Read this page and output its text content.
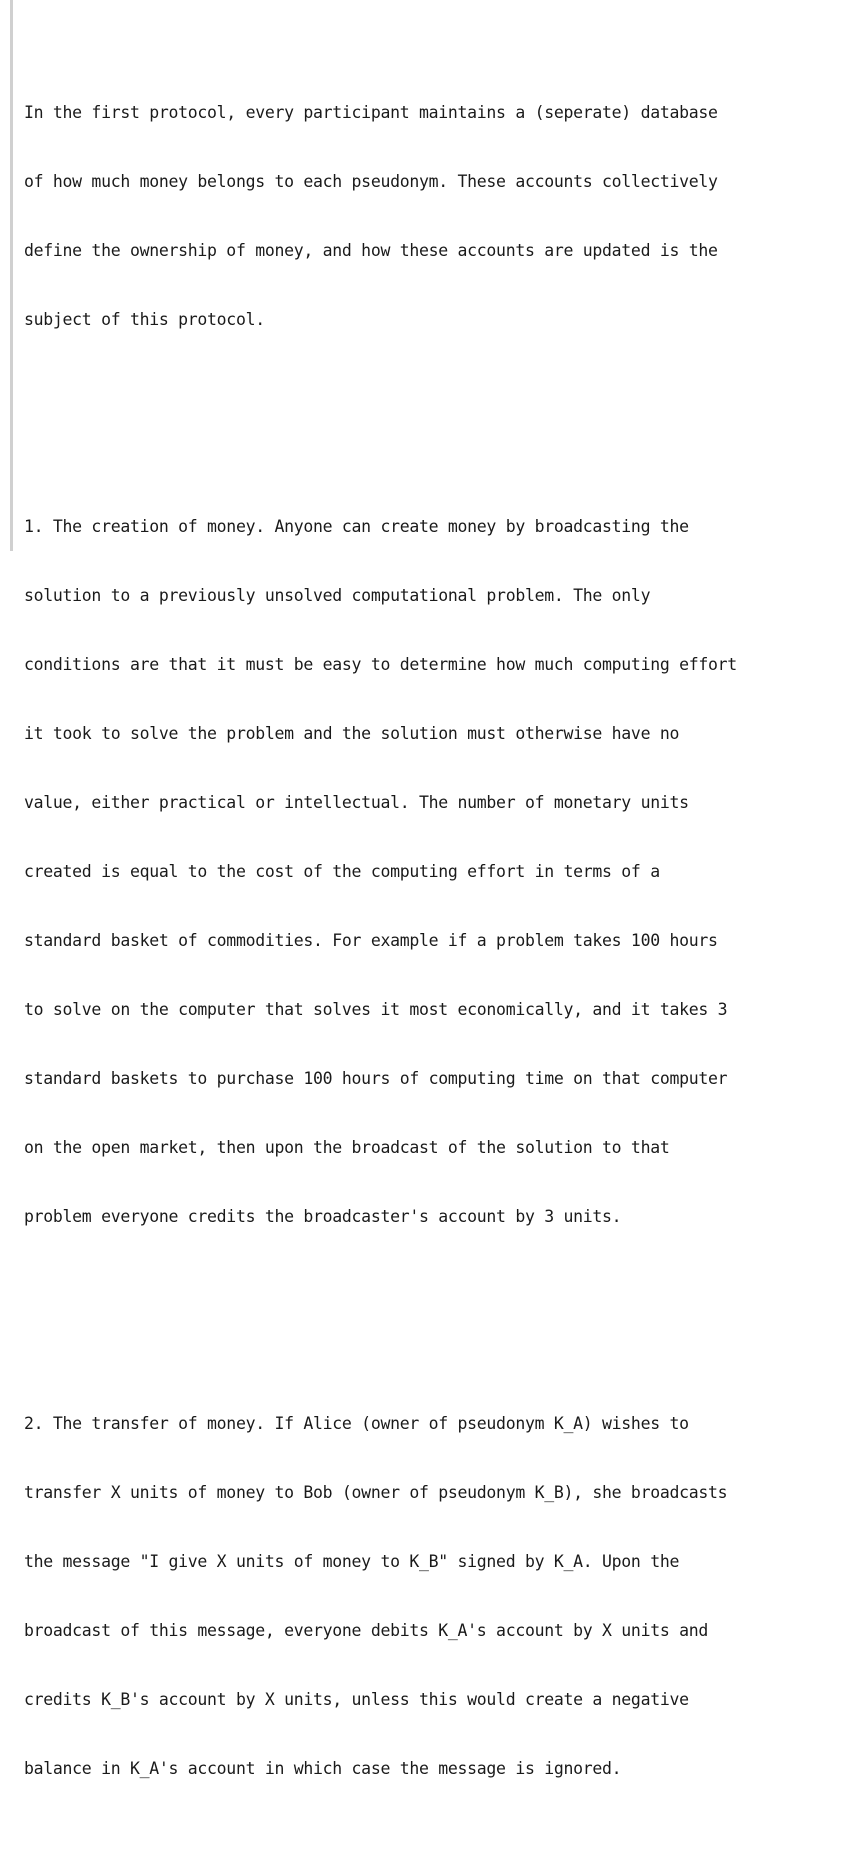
In the first protocol, every participant maintains a (seperate) database

of how much money belongs to each pseudonym. These accounts collectively

define the ownership of money, and how these accounts are updated is the

subject of this protocol.

1. The creation of money. Anyone can create money by broadcasting the

solution to a previously unsolved computational problem. The only

conditions are that it must be easy to determine how much computing effort

it took to solve the problem and the solution must otherwise have no

value, either practical or intellectual. The number of monetary units

created is equal to the cost of the computing effort in terms of a

standard basket of commodities. For example if a problem takes 100 hours

to solve on the computer that solves it most economically, and it takes 3

standard baskets to purchase 100 hours of computing time on that computer

on the open market, then upon the broadcast of the solution to that

problem everyone credits the broadcaster's account by 3 units.

2. The transfer of money. If Alice (owner of pseudonym K_A) wishes to

transfer X units of money to Bob (owner of pseudonym K_B), she broadcasts

the message "I give X units of money to K_B" signed by K_A. Upon the

broadcast of this message, everyone debits K_A's account by X units and

credits K_B's account by X units, unless this would create a negative

balance in K_A's account in which case the message is ignored.
